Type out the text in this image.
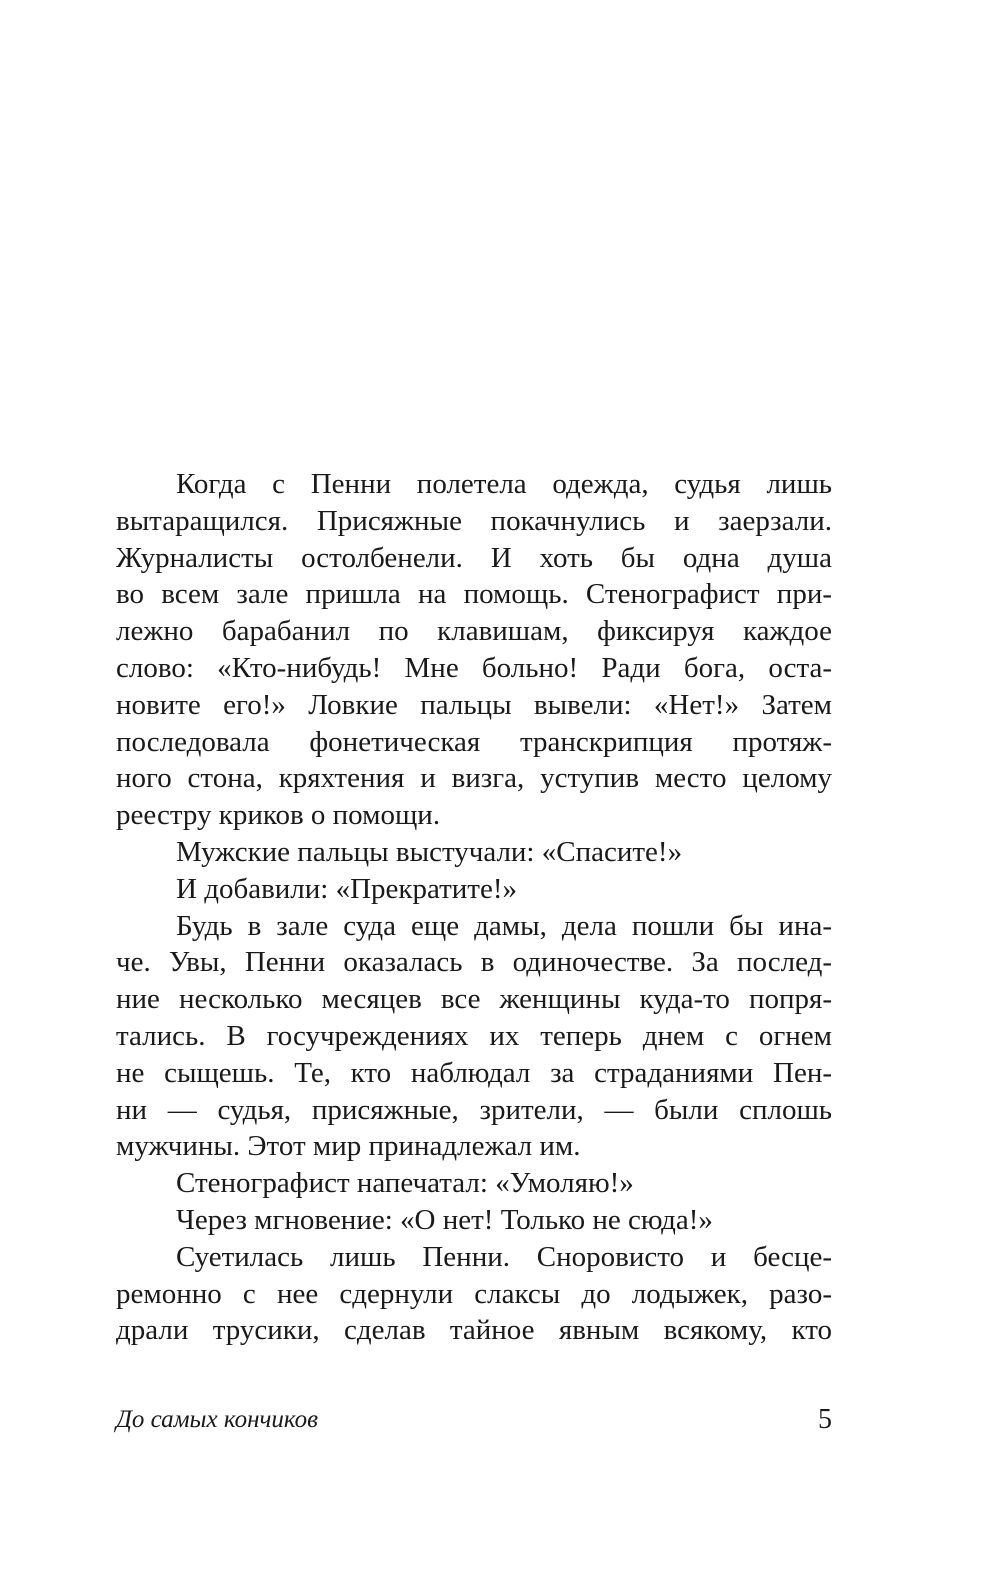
Когда с Пенни полетела одежда, судья лишь
вытаращился. Присяжные покачнулись и заерзали.
Журналисты остолбенели. И хоть бы одна душа
во всем зале пришла на помощь. Стенографист при-
лежно барабанил по клавишам, фиксируя каждое
слово: «Кто-нибудь! Мне больно! Ради бога, оста-
новите его!» Ловкие пальцы вывели: «Нет!» Затем
последовала фонетическая транскрипция протяж-
ного стона, кряхтения и визга, уступив место целому
реестру криков о помощи.
Мужские пальцы выстучали: «Спасите!»
И добавили: «Прекратите!»
Будь в зале суда еще дамы, дела пошли бы ина-
че. Увы, Пенни оказалась в одиночестве. За послед-
ние несколько месяцев все женщины куда-то попря-
тались. В госучреждениях их теперь днем с огнем
не сыщешь. Те, кто наблюдал за страданиями Пен-
ни — судья, присяжные, зрители, — были сплошь
мужчины. Этот мир принадлежал им.
Стенографист напечатал: «Умоляю!»
Через мгновение: «О нет! Только не сюда!»
Суетилась лишь Пенни. Сноровисто и бесце-
ремонно с нее сдернули слаксы до лодыжек, разо-
драли трусики, сделав тайное явным всякому, кто
До самых кончиков	5
